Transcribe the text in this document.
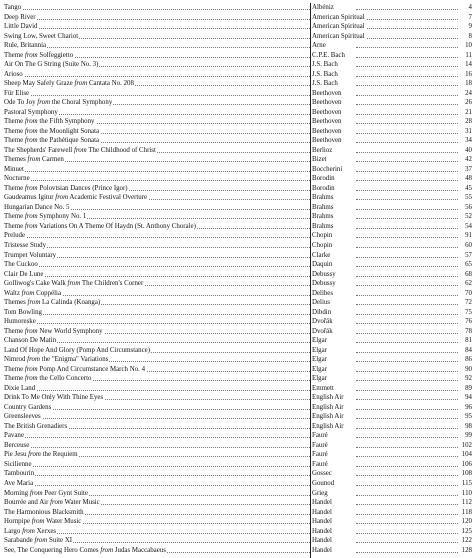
Tango	Albéniz	4
Deep River	American Spiritual	7
Little David	American Spiritual	9
Swing Low, Sweet Chariot	American Spiritual	8
Rule, Britannia	Arne	10
Theme from Solfeggietto	C.P.E. Bach	11
Air On The G String (Suite No. 3)	J.S. Bach	14
Arioso	J.S. Bach	16
Sheep May Safely Graze from Cantata No. 208	J.S. Bach	18
Für Elise	Beethoven	24
Ode To Joy from the Choral Symphony	Beethoven	26
Pastoral Symphony	Beethoven	21
Theme from the Fifth Symphony	Beethoven	28
Theme from the Moonlight Sonata	Beethoven	31
Theme from the Pathétique Sonata	Beethoven	34
The Shepherds' Farewell from The Childhood of Christ	Berlioz	40
Themes from Carmen	Bizet	42
Minuet	Boccherini	37
Nocturne	Borodin	48
Theme from Polovtsian Dances (Prince Igor)	Borodin	45
Gaudeamus Igitur from Academic Festival Overture	Brahms	55
Hungarian Dance No. 5	Brahms	56
Theme from Symphony No. 1	Brahms	52
Theme from Variations On A Theme Of Haydn (St. Anthony Chorale)	Brahms	54
Prelude	Chopin	91
Tristesse Study	Chopin	60
Trumpet Voluntary	Clarke	57
The Cuckoo	Daquin	65
Clair De Lune	Debussy	68
Golliwog's Cake Walk from The Children's Corner	Debussy	62
Waltz from Coppélia	Delibes	70
Themes from La Calinda (Koanga)	Delius	72
Tom Bowling	Dibdin	75
Humoreske	Dvořák	76
Theme from New World Symphony	Dvořák	78
Chanson De Matin	Elgar	81
Land Of Hope And Glory (Pomp And Circumstance)	Elgar	84
Nimrod from the "Enigma" Variations	Elgar	86
Theme from Pomp And Circumstance March No. 4	Elgar	90
Theme from the Cello Concerto	Elgar	92
Dixie Land	Emmett	89
Drink To Me Only With Thine Eyes	English Air	94
Country Gardens	English Air	96
Greensleeves	English Air	95
The British Grenadiers	English Air	98
Pavane	Fauré	99
Berceuse	Fauré	102
Pie Jesu from the Requiem	Fauré	104
Sicilienne	Fauré	106
Tambourin	Gossec	108
Ave Maria	Gounod	115
Morning from Peer Gynt Suite	Grieg	110
Bourrée and Air from Water Music	Handel	112
The Harmonious Blacksmith	Handel	118
Hornpipe from Water Music	Handel	120
Largo from Xerxes	Handel	125
Sarabande from Suite XI	Handel	122
See, The Conquering Hero Comes from Judas Maccabaeus	Handel	128
